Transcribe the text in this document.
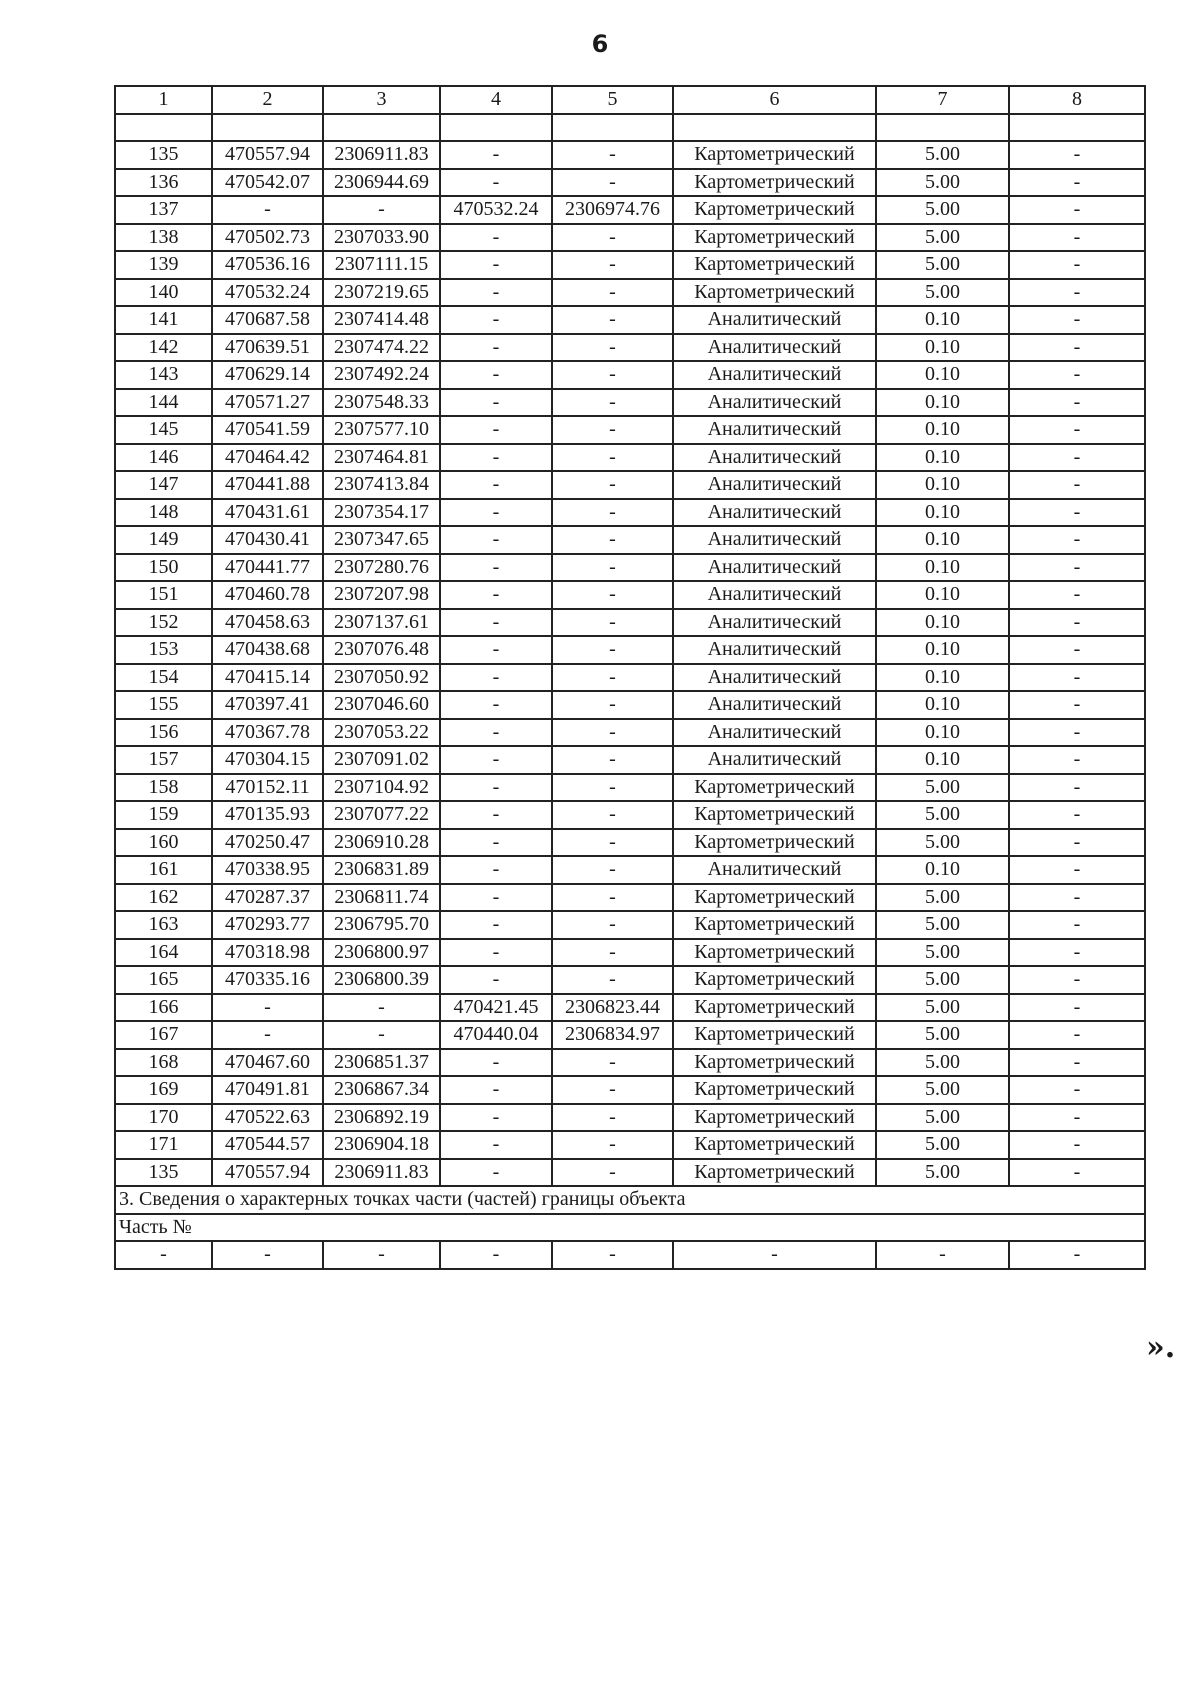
6
1	2	3	4	5	6	7	8

135	470557.94	2306911.83	-	-	Картометрический	5.00	-
136	470542.07	2306944.69	-	-	Картометрический	5.00	-
137	-	-	470532.24	2306974.76	Картометрический	5.00	-
138	470502.73	2307033.90	-	-	Картометрический	5.00	-
139	470536.16	2307111.15	-	-	Картометрический	5.00	-
140	470532.24	2307219.65	-	-	Картометрический	5.00	-
141	470687.58	2307414.48	-	-	Аналитический	0.10	-
142	470639.51	2307474.22	-	-	Аналитический	0.10	-
143	470629.14	2307492.24	-	-	Аналитический	0.10	-
144	470571.27	2307548.33	-	-	Аналитический	0.10	-
145	470541.59	2307577.10	-	-	Аналитический	0.10	-
146	470464.42	2307464.81	-	-	Аналитический	0.10	-
147	470441.88	2307413.84	-	-	Аналитический	0.10	-
148	470431.61	2307354.17	-	-	Аналитический	0.10	-
149	470430.41	2307347.65	-	-	Аналитический	0.10	-
150	470441.77	2307280.76	-	-	Аналитический	0.10	-
151	470460.78	2307207.98	-	-	Аналитический	0.10	-
152	470458.63	2307137.61	-	-	Аналитический	0.10	-
153	470438.68	2307076.48	-	-	Аналитический	0.10	-
154	470415.14	2307050.92	-	-	Аналитический	0.10	-
155	470397.41	2307046.60	-	-	Аналитический	0.10	-
156	470367.78	2307053.22	-	-	Аналитический	0.10	-
157	470304.15	2307091.02	-	-	Аналитический	0.10	-
158	470152.11	2307104.92	-	-	Картометрический	5.00	-
159	470135.93	2307077.22	-	-	Картометрический	5.00	-
160	470250.47	2306910.28	-	-	Картометрический	5.00	-
161	470338.95	2306831.89	-	-	Аналитический	0.10	-
162	470287.37	2306811.74	-	-	Картометрический	5.00	-
163	470293.77	2306795.70	-	-	Картометрический	5.00	-
164	470318.98	2306800.97	-	-	Картометрический	5.00	-
165	470335.16	2306800.39	-	-	Картометрический	5.00	-
166	-	-	470421.45	2306823.44	Картометрический	5.00	-
167	-	-	470440.04	2306834.97	Картометрический	5.00	-
168	470467.60	2306851.37	-	-	Картометрический	5.00	-
169	470491.81	2306867.34	-	-	Картометрический	5.00	-
170	470522.63	2306892.19	-	-	Картометрический	5.00	-
171	470544.57	2306904.18	-	-	Картометрический	5.00	-
135	470557.94	2306911.83	-	-	Картометрический	5.00	-
3. Сведения о характерных точках части (частей) границы объекта							
Часть №							
-	-	-	-	-	-	-	-
».
